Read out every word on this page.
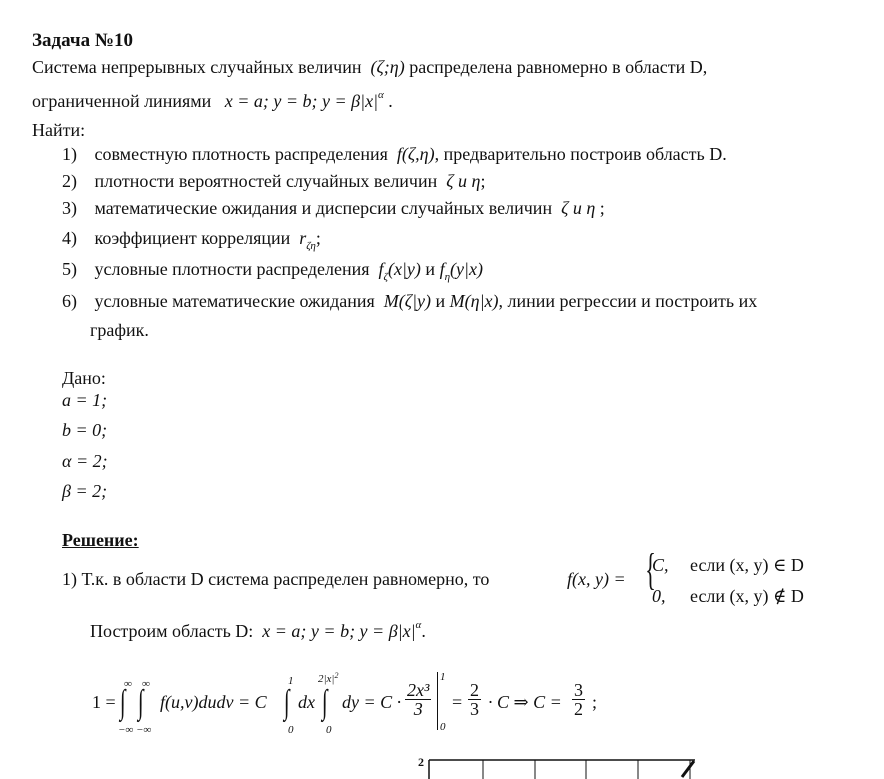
Задача №10
Система непрерывных случайных величин (ζ;η) распределена равномерно в области D,
ограниченной линиями x = a; y = b; $y = \beta|x|^\alpha$ .
Найти:
1) совместную плотность распределения f(ζ,η), предварительно построив область D.
2) плотности вероятностей случайных величин ζ и η;
3) математические ожидания и дисперсии случайных величин ζ и η ;
4) коэффициент корреляции $r_{\zeta\eta}$;
5) условные плотности распределения $f_\zeta(x|y)$ и $f_\eta(y|x)$
6) условные математические ожидания M(ζ|y) и M(η|x), линии регрессии и построить их
график.
Дано:
a = 1;
b = 0;
α = 2;
β = 2;
Решение:
1) Т.к. в области D система распределен равномерно, то	f(x, y) = {
C, если (x, y) ∈ D
0, если (x, y) ∉ D
Построим область D: x = a; y = b; $y = \beta|x|^\alpha$.
1 =
∞
∫
−∞
∞
∫
−∞
f(u,v)dudv = C
1
∫
0
dx
$2|x|^2$
∫
0
dy = $C \cdot \frac{\text{2x³}}{3}$
1
0
= $\frac{2}{3} \cdot C$ ⇒ $C = \frac{3}{2}$ ;
2
